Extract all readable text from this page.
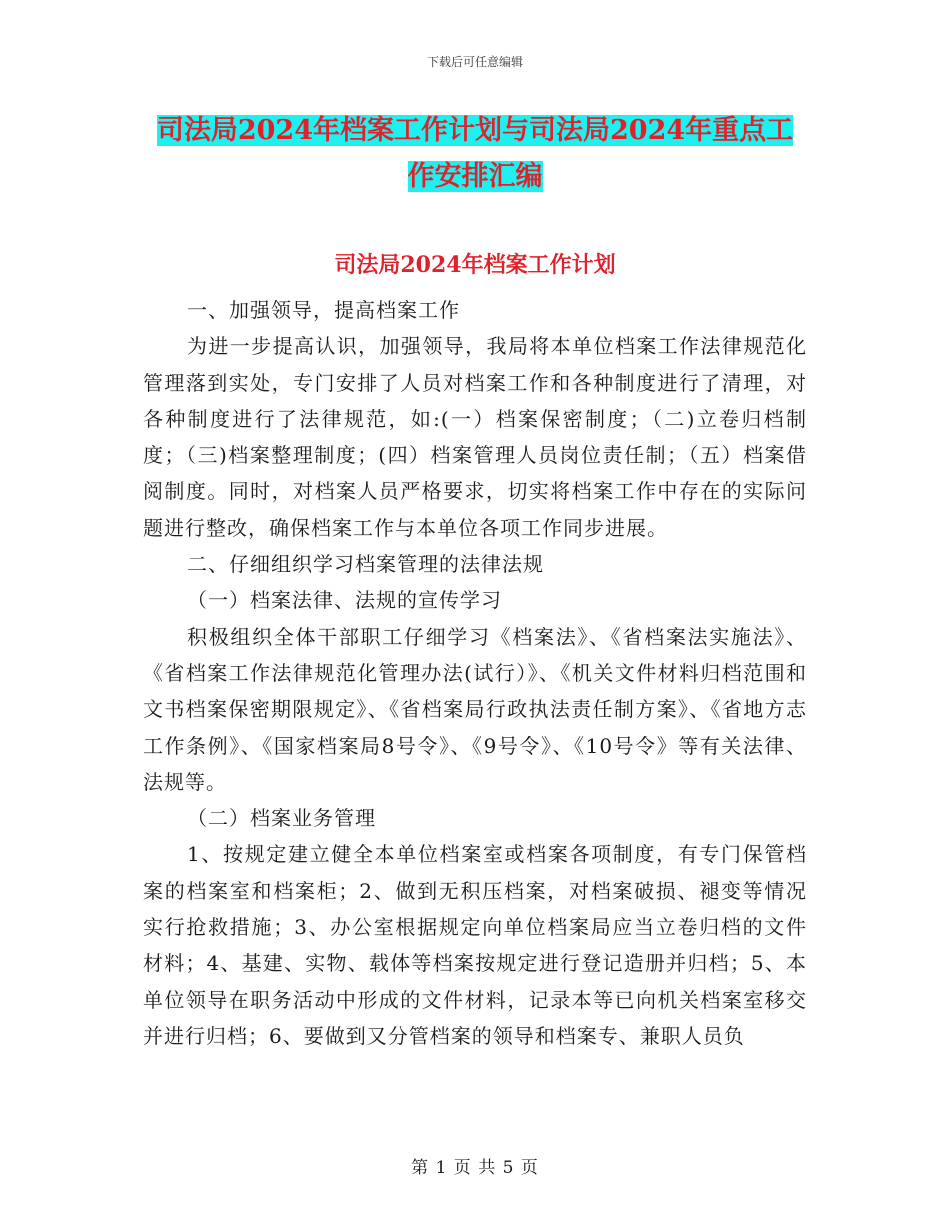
下载后可任意编辑
司法局2024年档案工作计划与司法局2024年重点工
作安排汇编
司法局2024年档案工作计划

一、加强领导，提高档案工作

为进一步提高认识，加强领导，我局将本单位档案工作法律规范化管理落到实处，专门安排了人员对档案工作和各种制度进行了清理，对各种制度进行了法律规范，如:(一）档案保密制度；（二)立卷归档制度；（三)档案整理制度；(四）档案管理人员岗位责任制；（五）档案借阅制度。同时，对档案人员严格要求，切实将档案工作中存在的实际问题进行整改，确保档案工作与本单位各项工作同步进展。

二、仔细组织学习档案管理的法律法规

（一）档案法律、法规的宣传学习

积极组织全体干部职工仔细学习《档案法》、《省档案法实施法》、《省档案工作法律规范化管理办法(试行）》、《机关文件材料归档范围和文书档案保密期限规定》、《省档案局行政执法责任制方案》、《省地方志工作条例》、《国家档案局8号令》、《9号令》、《10号令》等有关法律、法规等。

（二）档案业务管理

1、按规定建立健全本单位档案室或档案各项制度，有专门保管档案的档案室和档案柜；2、做到无积压档案，对档案破损、褪变等情况实行抢救措施；3、办公室根据规定向单位档案局应当立卷归档的文件材料；4、基建、实物、载体等档案按规定进行登记造册并归档；5、本单位领导在职务活动中形成的文件材料，记录本等已向机关档案室移交并进行归档；6、要做到又分管档案的领导和档案专、兼职人员负

第 1 页 共 5 页
